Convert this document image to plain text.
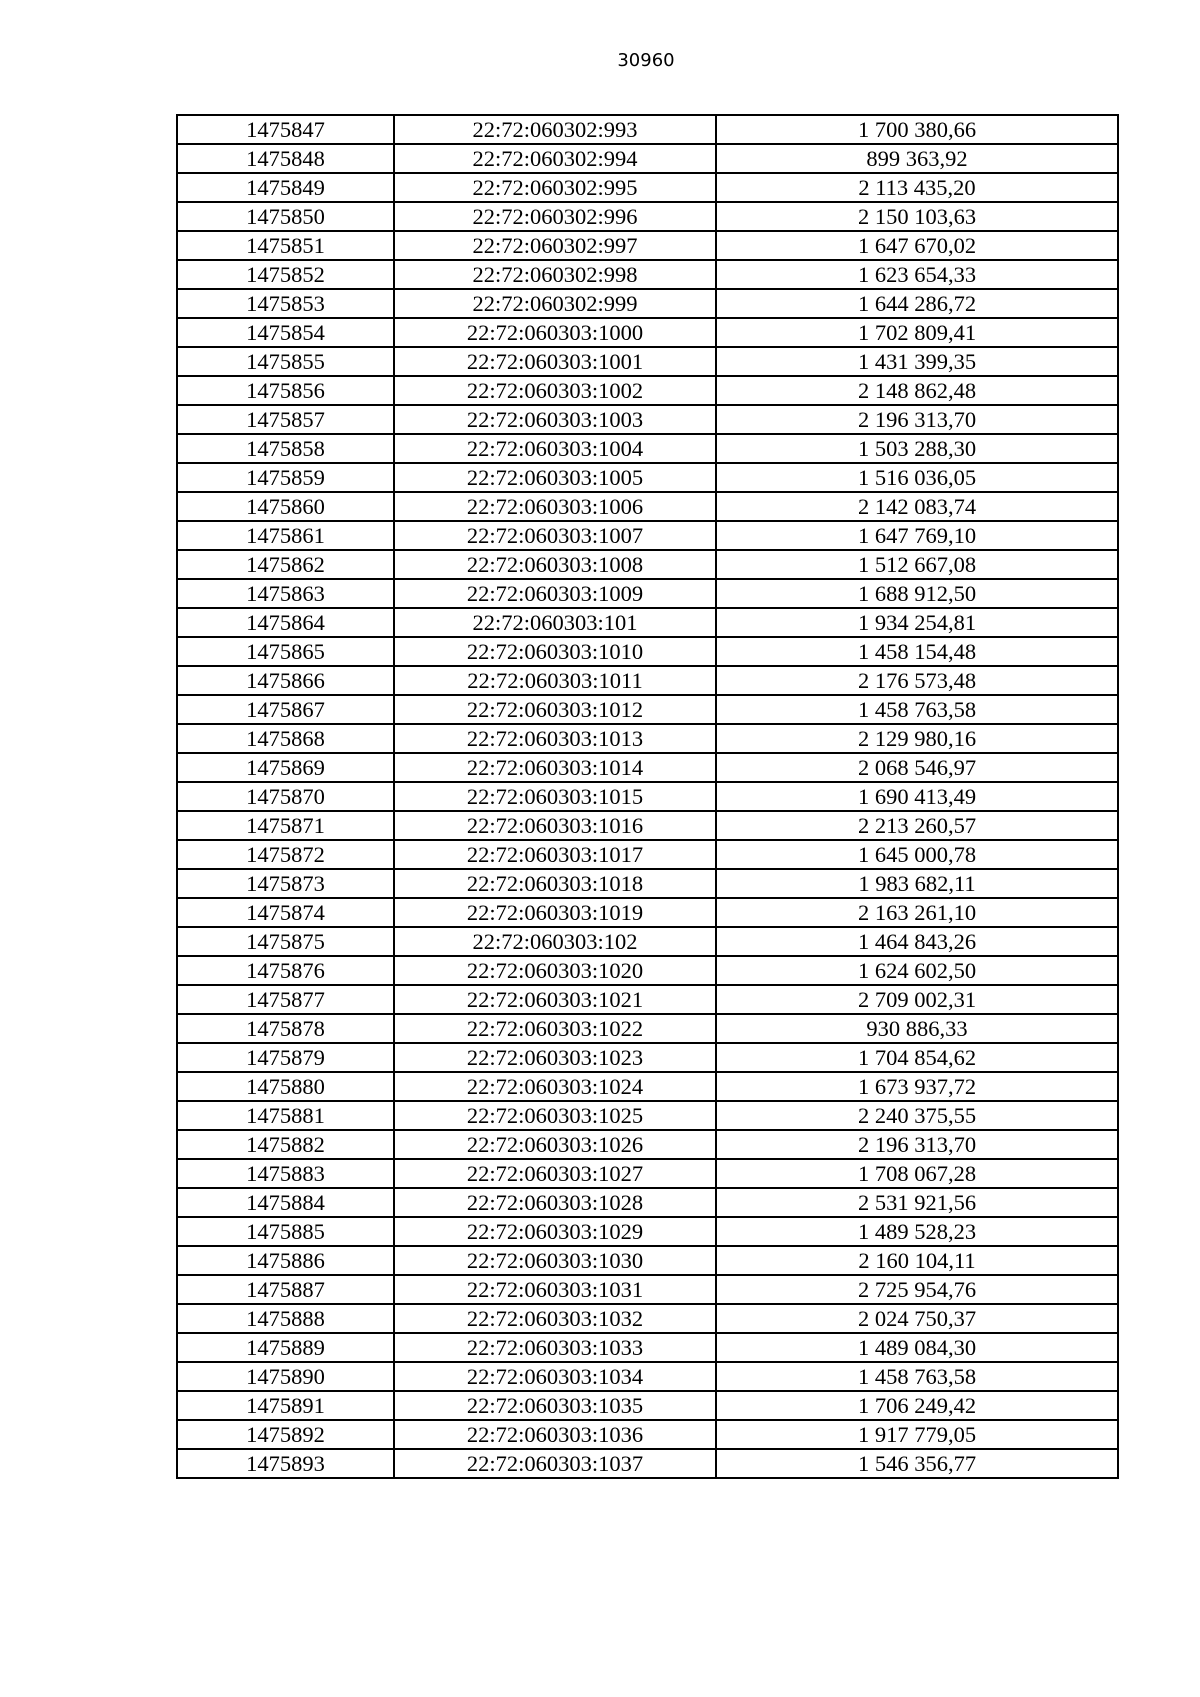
30960
1475847	22:72:060302:993	1 700 380,66
1475848	22:72:060302:994	899 363,92
1475849	22:72:060302:995	2 113 435,20
1475850	22:72:060302:996	2 150 103,63
1475851	22:72:060302:997	1 647 670,02
1475852	22:72:060302:998	1 623 654,33
1475853	22:72:060302:999	1 644 286,72
1475854	22:72:060303:1000	1 702 809,41
1475855	22:72:060303:1001	1 431 399,35
1475856	22:72:060303:1002	2 148 862,48
1475857	22:72:060303:1003	2 196 313,70
1475858	22:72:060303:1004	1 503 288,30
1475859	22:72:060303:1005	1 516 036,05
1475860	22:72:060303:1006	2 142 083,74
1475861	22:72:060303:1007	1 647 769,10
1475862	22:72:060303:1008	1 512 667,08
1475863	22:72:060303:1009	1 688 912,50
1475864	22:72:060303:101	1 934 254,81
1475865	22:72:060303:1010	1 458 154,48
1475866	22:72:060303:1011	2 176 573,48
1475867	22:72:060303:1012	1 458 763,58
1475868	22:72:060303:1013	2 129 980,16
1475869	22:72:060303:1014	2 068 546,97
1475870	22:72:060303:1015	1 690 413,49
1475871	22:72:060303:1016	2 213 260,57
1475872	22:72:060303:1017	1 645 000,78
1475873	22:72:060303:1018	1 983 682,11
1475874	22:72:060303:1019	2 163 261,10
1475875	22:72:060303:102	1 464 843,26
1475876	22:72:060303:1020	1 624 602,50
1475877	22:72:060303:1021	2 709 002,31
1475878	22:72:060303:1022	930 886,33
1475879	22:72:060303:1023	1 704 854,62
1475880	22:72:060303:1024	1 673 937,72
1475881	22:72:060303:1025	2 240 375,55
1475882	22:72:060303:1026	2 196 313,70
1475883	22:72:060303:1027	1 708 067,28
1475884	22:72:060303:1028	2 531 921,56
1475885	22:72:060303:1029	1 489 528,23
1475886	22:72:060303:1030	2 160 104,11
1475887	22:72:060303:1031	2 725 954,76
1475888	22:72:060303:1032	2 024 750,37
1475889	22:72:060303:1033	1 489 084,30
1475890	22:72:060303:1034	1 458 763,58
1475891	22:72:060303:1035	1 706 249,42
1475892	22:72:060303:1036	1 917 779,05
1475893	22:72:060303:1037	1 546 356,77
